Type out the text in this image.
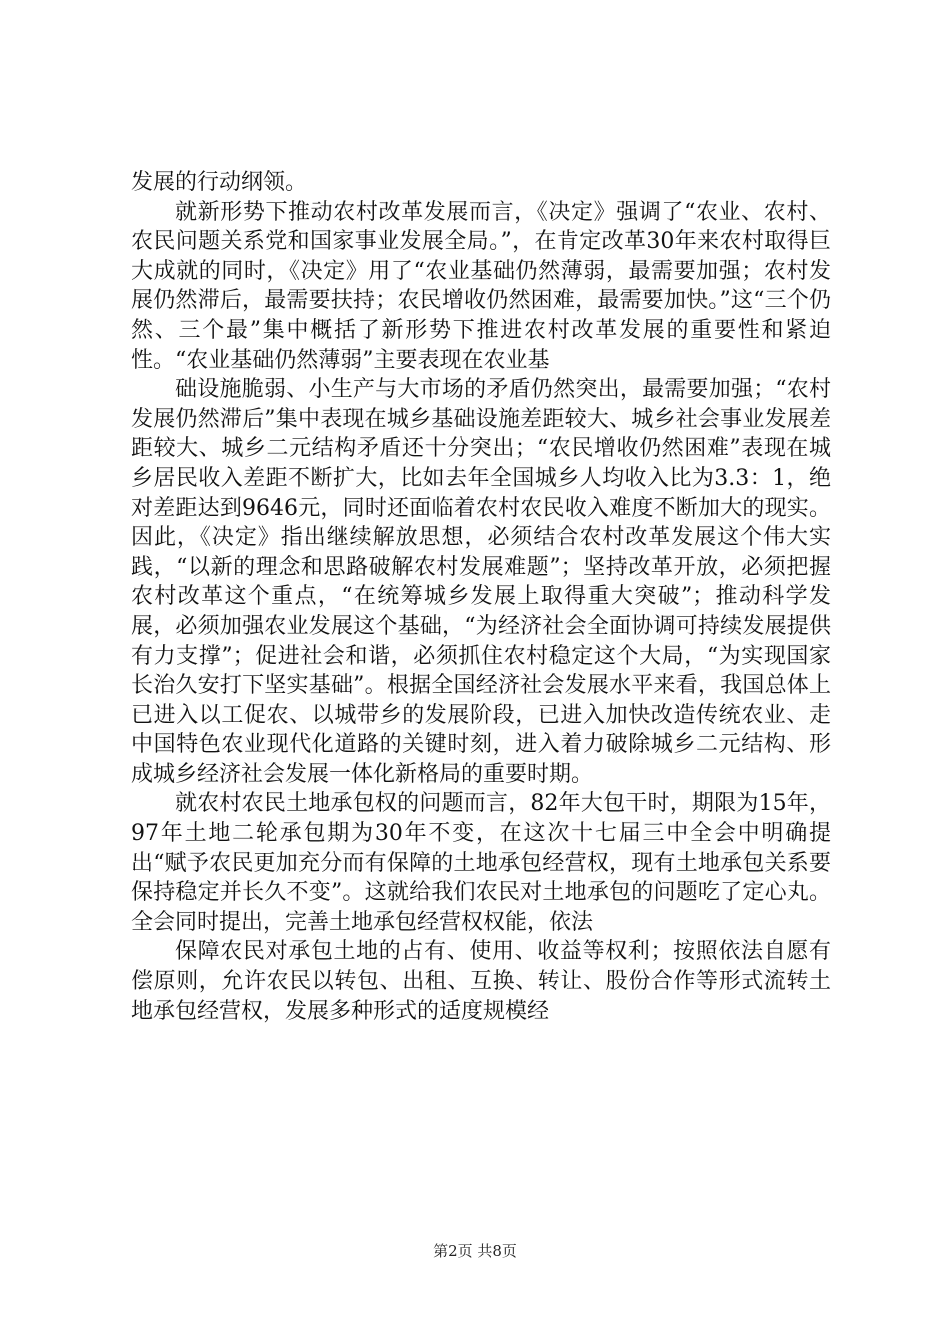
发展的行动纲领。

就新形势下推动农村改革发展而言，《决定》强调了“农业、农村、农民问题关系党和国家事业发展全局。”，在肯定改革30年来农村取得巨大成就的同时，《决定》用了“农业基础仍然薄弱，最需要加强；农村发展仍然滞后，最需要扶持；农民增收仍然困难，最需要加快。”这“三个仍然、三个最”集中概括了新形势下推进农村改革发展的重要性和紧迫性。“农业基础仍然薄弱”主要表现在农业基

础设施脆弱、小生产与大市场的矛盾仍然突出，最需要加强；“农村发展仍然滞后”集中表现在城乡基础设施差距较大、城乡社会事业发展差距较大、城乡二元结构矛盾还十分突出；“农民增收仍然困难”表现在城乡居民收入差距不断扩大，比如去年全国城乡人均收入比为3.3：1，绝对差距达到9646元，同时还面临着农村农民收入难度不断加大的现实。因此，《决定》指出继续解放思想，必须结合农村改革发展这个伟大实践，“以新的理念和思路破解农村发展难题”；坚持改革开放，必须把握农村改革这个重点，“在统筹城乡发展上取得重大突破”；推动科学发展，必须加强农业发展这个基础，“为经济社会全面协调可持续发展提供有力支撑”；促进社会和谐，必须抓住农村稳定这个大局，“为实现国家长治久安打下坚实基础”。根据全国经济社会发展水平来看，我国总体上已进入以工促农、以城带乡的发展阶段，已进入加快改造传统农业、走中国特色农业现代化道路的关键时刻，进入着力破除城乡二元结构、形成城乡经济社会发展一体化新格局的重要时期。

就农村农民土地承包权的问题而言，82年大包干时，期限为15年，97年土地二轮承包期为30年不变，在这次十七届三中全会中明确提出“赋予农民更加充分而有保障的土地承包经营权，现有土地承包关系要保持稳定并长久不变”。这就给我们农民对土地承包的问题吃了定心丸。全会同时提出，完善土地承包经营权权能，依法

保障农民对承包土地的占有、使用、收益等权利；按照依法自愿有偿原则，允许农民以转包、出租、互换、转让、股份合作等形式流转土地承包经营权，发展多种形式的适度规模经

第2页 共8页
